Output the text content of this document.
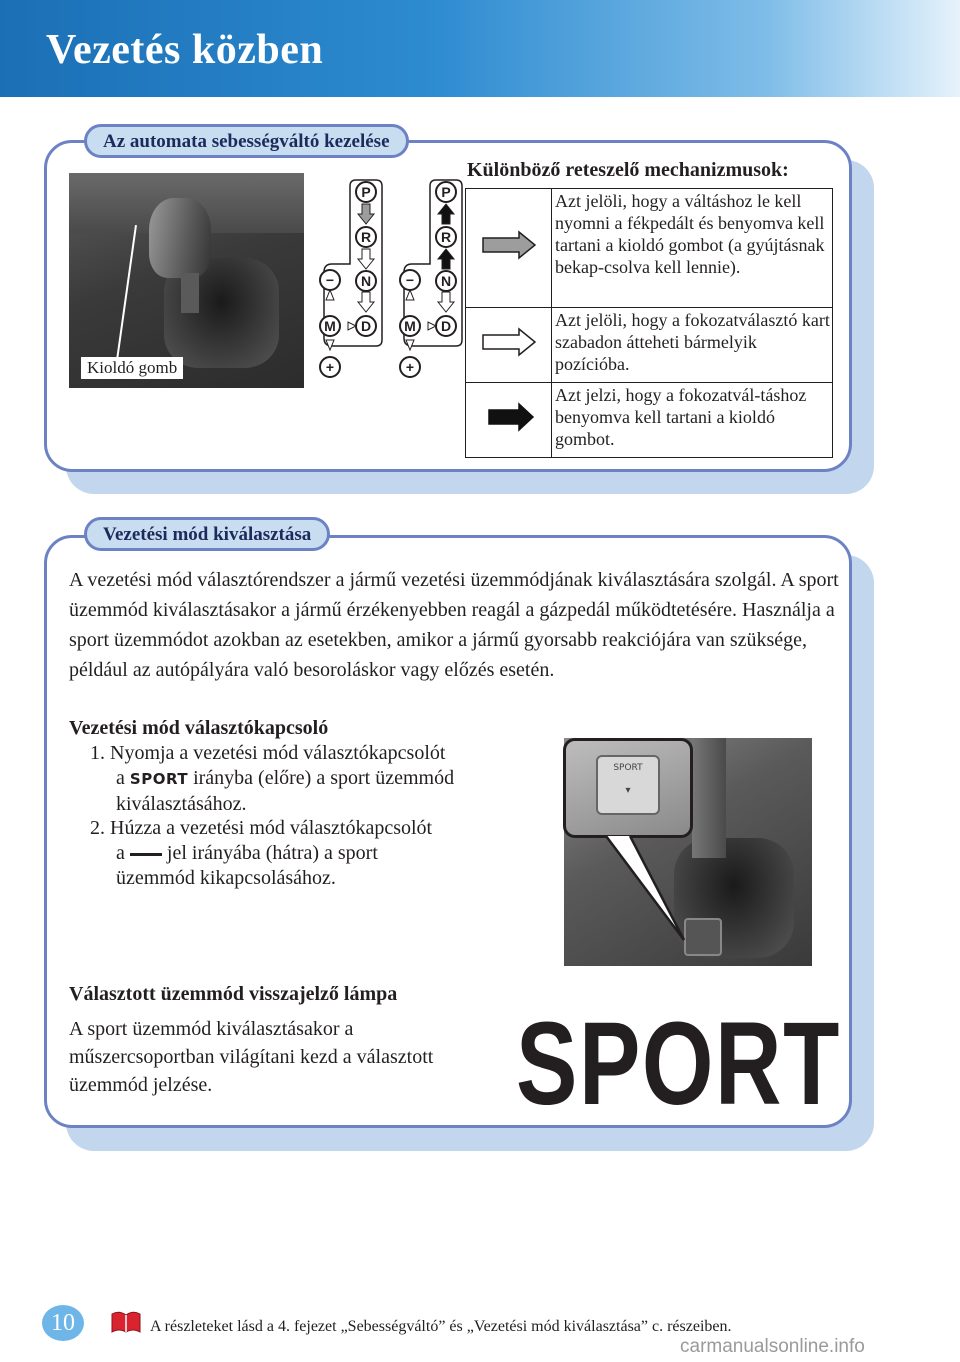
Vezetés közben
Az automata sebességváltó kezelése
Különböző reteszelő mechanizmusok:
Kioldó gomb
P
R
N
D
M
−
+
P
R
N
D
M
−
+
	Azt jelöli, hogy a váltáshoz le kell nyomni a fékpedált és benyomva kell tartani a kioldó gombot (a gyújtásnak bekap-csolva kell lennie).
	Azt jelöli, hogy a fokozatválasztó kart szabadon átteheti bármelyik pozícióba.
	Azt jelzi, hogy a fokozatvál-táshoz benyomva kell tartani a kioldó gombot.
Vezetési mód kiválasztása
A vezetési mód választórendszer a jármű vezetési üzemmódjának kiválasztására szolgál. A sport üzemmód kiválasztásakor a jármű érzékenyebben reagál a gázpedál működtetésére. Használja a sport üzemmódot azokban az esetekben, amikor a jármű gyorsabb reakciójára van szüksége, például az autópályára való besoroláskor vagy előzés esetén.
Vezetési mód választókapcsoló
1. Nyomja a vezetési mód választókapcsolót
a SPORT irányba (előre) a sport üzemmód
kiválasztásához.
2. Húzza a vezetési mód választókapcsolót
a jel irányába (hátra) a sport
üzemmód kikapcsolásához.
SPORT
▾
Választott üzemmód visszajelző lámpa
A sport üzemmód kiválasztásakor a
műszercsoportban világítani kezd a választott
üzemmód jelzése.	SPORT
10	A részleteket lásd a 4. fejezet „Sebességváltó” és „Vezetési mód kiválasztása” c. részeiben.
carmanualsonline.info
